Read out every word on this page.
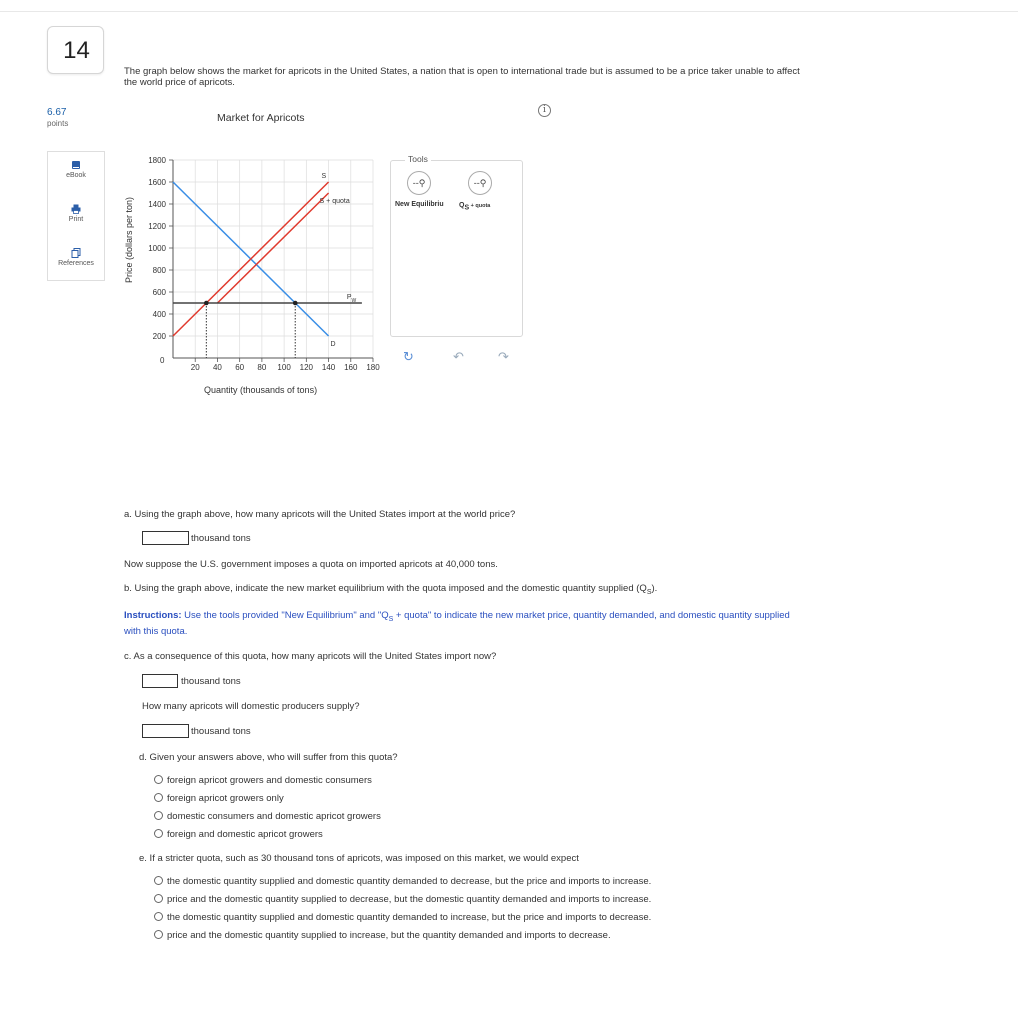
14
6.67
points
eBook
Print
References
The graph below shows the market for apricots in the United States, a nation that is open to international trade but is assumed to be a price taker unable to affect the world price of apricots.
i
Market for Apricots
200
400
600
800
1000
1200
1400
1600
1800
20 40 60 80 100 120 140 160 180
D
S
S + quota
$P_W$
Price (dollars per ton)
0
Quantity (thousands of tons)
Tools
--⚲
New Equilibriu
--⚲
$Q_S$ + quota
↻	↶	↷
a. Using the graph above, how many apricots will the United States import at the world price?
thousand tons
Now suppose the U.S. government imposes a quota on imported apricots at 40,000 tons.
b. Using the graph above, indicate the new market equilibrium with the quota imposed and the domestic quantity supplied $(Q_S)$.
Instructions: Use the tools provided "New Equilibrium" and "$Q_S$ + quota" to indicate the new market price, quantity demanded, and domestic quantity supplied with this quota.
c. As a consequence of this quota, how many apricots will the United States import now?
thousand tons
How many apricots will domestic producers supply?
thousand tons
d. Given your answers above, who will suffer from this quota?
foreign apricot growers and domestic consumers
foreign apricot growers only
domestic consumers and domestic apricot growers
foreign and domestic apricot growers
e. If a stricter quota, such as 30 thousand tons of apricots, was imposed on this market, we would expect
the domestic quantity supplied and domestic quantity demanded to decrease, but the price and imports to increase.
price and the domestic quantity supplied to decrease, but the domestic quantity demanded and imports to increase.
the domestic quantity supplied and domestic quantity demanded to increase, but the price and imports to decrease.
price and the domestic quantity supplied to increase, but the quantity demanded and imports to decrease.
